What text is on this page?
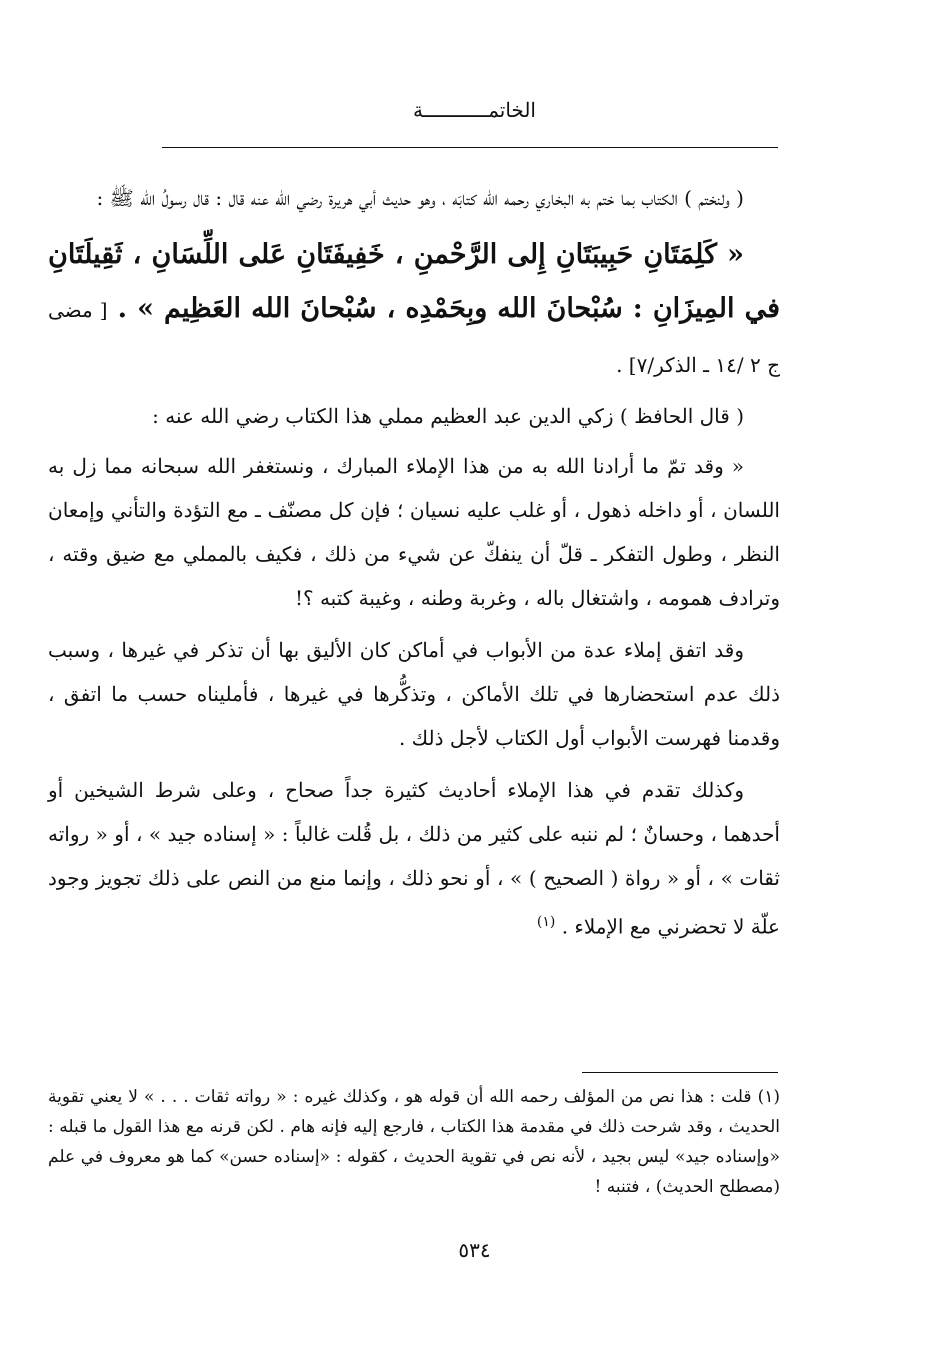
الخاتمـــــــــــة

( ولنختم ) الكتاب بما ختم به البخاري رحمه الله كتابَه ، وهو حديث أبي هريرة رضي الله عنه قال : قال رسولُ الله ﷺ :

« كَلِمَتَانِ حَبِيبَتَانِ إِلى الرَّحْمنِ ، خَفِيفَتَانِ عَلى اللِّسَانِ ، ثَقِيلَتَانِ في المِيزَانِ : سُبْحانَ الله وبِحَمْدِه ، سُبْحانَ الله العَظِيم » . [ مضى ج ٢ /١٤ ـ الذكر/٧] .

( قال الحافظ ) زكي الدين عبد العظيم مملي هذا الكتاب رضي الله عنه :

« وقد تمّ ما أرادنا الله به من هذا الإملاء المبارك ، ونستغفر الله سبحانه مما زل به اللسان ، أو داخله ذهول ، أو غلب عليه نسيان ؛ فإن كل مصنّف ـ مع التؤدة والتأني وإمعان النظر ، وطول التفكر ـ قلّ أن ينفكّ عن شيء من ذلك ، فكيف بالمملي مع ضيق وقته ، وترادف همومه ، واشتغال باله ، وغربة وطنه ، وغيبة كتبه ؟!

وقد اتفق إملاء عدة من الأبواب في أماكن كان الأليق بها أن تذكر في غيرها ، وسبب ذلك عدم استحضارها في تلك الأماكن ، وتذكُّرها في غيرها ، فأمليناه حسب ما اتفق ، وقدمنا فهرست الأبواب أول الكتاب لأجل ذلك .

وكذلك تقدم في هذا الإملاء أحاديث كثيرة جداً صحاح ، وعلى شرط الشيخين أو أحدهما ، وحسانٌ ؛ لم ننبه على كثير من ذلك ، بل قُلت غالباً : « إسناده جيد » ، أو « رواته ثقات » ، أو « رواة ( الصحيح ) » ، أو نحو ذلك ، وإنما منع من النص على ذلك تجويز وجود علّة لا تحضرني مع الإملاء . $^{(١)}$

(١) قلت : هذا نص من المؤلف رحمه الله أن قوله هو ، وكذلك غيره : « رواته ثقات . . . » لا يعني تقوية الحديث ، وقد شرحت ذلك في مقدمة هذا الكتاب ، فارجع إليه فإنه هام . لكن قرنه مع هذا القول ما قبله : «وإسناده جيد» ليس بجيد ، لأنه نص في تقوية الحديث ، كقوله : «إسناده حسن» كما هو معروف في علم (مصطلح الحديث) ، فتنبه !
٥٣٤
